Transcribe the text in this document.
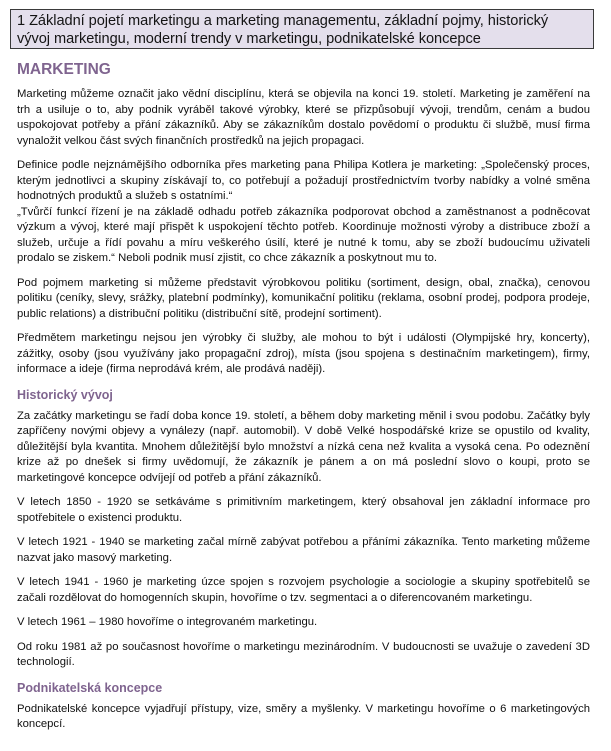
1 Základní pojetí marketingu a marketing managementu, základní pojmy, historický
vývoj marketingu, moderní trendy v marketingu, podnikatelské koncepce
MARKETING

Marketing můžeme označit jako vědní disciplínu, která se objevila na konci 19. století. Marketing je zaměření na trh a usiluje o to, aby podnik vyráběl takové výrobky, které se přizpůsobují vývoji, trendům, cenám a budou uspokojovat potřeby a přání zákazníků. Aby se zákazníkům dostalo povědomí o produktu či službě, musí firma vynaložit velkou část svých finančních prostředků na jejich propagaci.

Definice podle nejznámějšího odborníka přes marketing pana Philipa Kotlera je marketing: „Společenský proces, kterým jednotlivci a skupiny získávají to, co potřebují a požadují prostřednictvím tvorby nabídky a volné směna hodnotných produktů a služeb s ostatními.“

„Tvůrčí funkcí řízení je na základě odhadu potřeb zákazníka podporovat obchod a zaměstnanost a podněcovat výzkum a vývoj, které mají přispět k uspokojení těchto potřeb. Koordinuje možnosti výroby a distribuce zboží a služeb, určuje a řídí povahu a míru veškerého úsilí, které je nutné k tomu, aby se zboží budoucímu uživateli prodalo se ziskem.“ Neboli podnik musí zjistit, co chce zákazník a poskytnout mu to.

Pod pojmem marketing si můžeme představit výrobkovou politiku (sortiment, design, obal, značka), cenovou politiku (ceníky, slevy, srážky, platební podmínky), komunikační politiku (reklama, osobní prodej, podpora prodeje, public relations) a distribuční politiku (distribuční sítě, prodejní sortiment).

Předmětem marketingu nejsou jen výrobky či služby, ale mohou to být i události (Olympijské hry, koncerty), zážitky, osoby (jsou využívány jako propagační zdroj), místa (jsou spojena s destinačním marketingem), firmy, informace a ideje (firma neprodává krém, ale prodává naději).

Historický vývoj

Za začátky marketingu se řadí doba konce 19. století, a během doby marketing měnil i svou podobu. Začátky byly zapříčeny novými objevy a vynálezy (např. automobil). V době Velké hospodářské krize se opustilo od kvality, důležitější byla kvantita. Mnohem důležitější bylo množství a nízká cena než kvalita a vysoká cena. Po odeznění krize až po dnešek si firmy uvědomují, že zákazník je pánem a on má poslední slovo o koupi, proto se marketingové koncepce odvíjejí od potřeb a přání zákazníků.

V letech 1850 - 1920 se setkáváme s primitivním marketingem, který obsahoval jen základní informace pro spotřebitele o existenci produktu.

V letech 1921 - 1940 se marketing začal mírně zabývat potřebou a přáními zákazníka. Tento marketing můžeme nazvat jako masový marketing.

V letech 1941 - 1960 je marketing úzce spojen s rozvojem psychologie a sociologie a skupiny spotřebitelů se začali rozdělovat do homogenních skupin, hovoříme o tzv. segmentaci a o diferencovaném marketingu.

V letech 1961 – 1980 hovoříme o integrovaném marketingu.

Od roku 1981 až po současnost hovoříme o marketingu mezinárodním. V budoucnosti se uvažuje o zavedení 3D technologií.

Podnikatelská koncepce

Podnikatelské koncepce vyjadřují přístupy, vize, směry a myšlenky. V marketingu hovoříme o 6 marketingových koncepcí.
